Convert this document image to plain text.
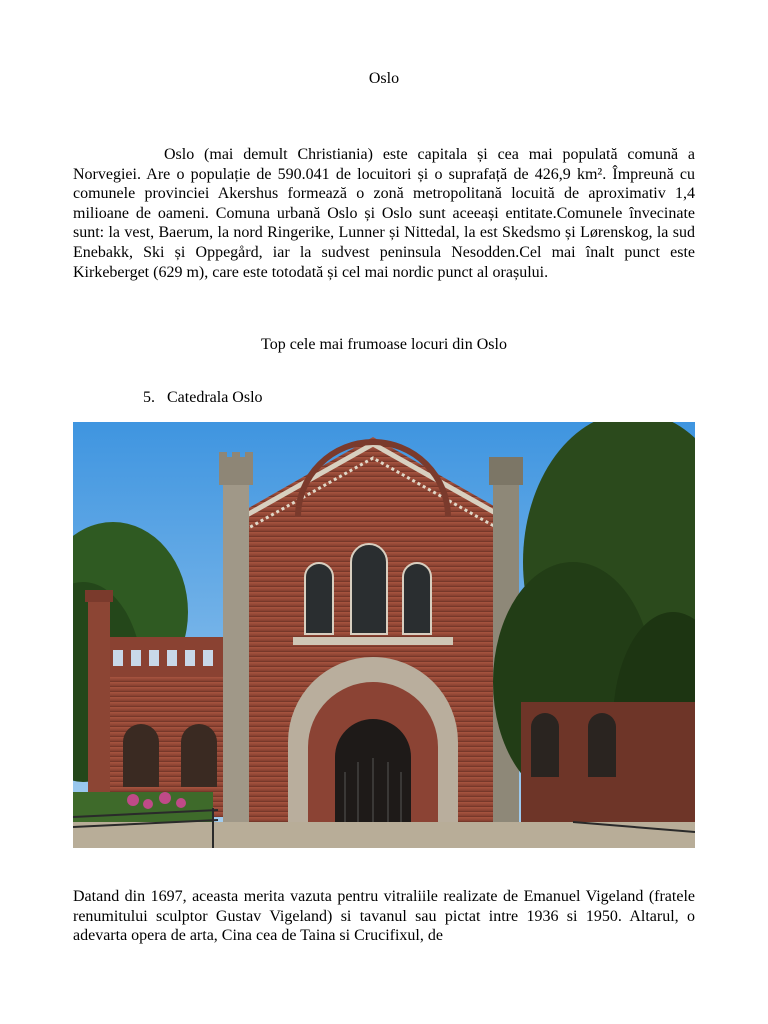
Oslo

Oslo (mai demult Christiania) este capitala și cea mai populată comună a Norvegiei. Are o populație de 590.041 de locuitori și o suprafață de 426,9 km². Împreună cu comunele provinciei Akershus formează o zonă metropolitană locuită de aproximativ 1,4 milioane de oameni. Comuna urbană Oslo și Oslo sunt aceeași entitate.Comunele învecinate sunt: la vest, Baerum, la nord Ringerike, Lunner și Nittedal, la est Skedsmo și Lørenskog, la sud Enebakk, Ski și Oppegård, iar la sudvest peninsula Nesodden.Cel mai înalt punct este Kirkeberget (629 m), care este totodată și cel mai nordic punct al orașului.

Top cele mai frumoase locuri din Oslo
5. Catedrala Oslo

Datand din 1697, aceasta merita vazuta pentru vitraliile realizate de Emanuel Vigeland (fratele renumitului sculptor Gustav Vigeland) si tavanul sau pictat intre 1936 si 1950. Altarul, o adevarta opera de arta, Cina cea de Taina si Crucifixul, de
